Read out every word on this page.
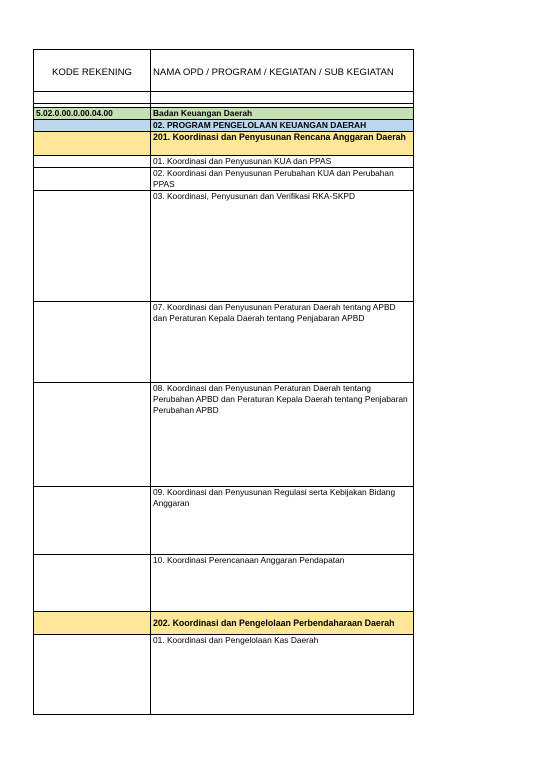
KODE REKENING	NAMA OPD / PROGRAM / KEGIATAN / SUB KEGIATAN

5.02.0.00.0.00.04.00	Badan Keuangan Daerah
	02. PROGRAM PENGELOLAAN KEUANGAN DAERAH
	201. Koordinasi dan Penyusunan Rencana Anggaran Daerah
	01. Koordinasi dan Penyusunan KUA dan PPAS
	02. Koordinasi dan Penyusunan Perubahan KUA dan Perubahan PPAS
	03. Koordinasi, Penyusunan dan Verifikasi RKA-SKPD
	07. Koordinasi dan Penyusunan Peraturan Daerah tentang APBD dan Peraturan Kepala Daerah tentang Penjabaran APBD
	08. Koordinasi dan Penyusunan Peraturan Daerah tentang Perubahan APBD dan Peraturan Kepala Daerah tentang Penjabaran Perubahan APBD
	09. Koordinasi dan Penyusunan Regulasi serta Kebijakan Bidang Anggaran
	10. Koordinasi Perencanaan Anggaran Pendapatan
	202. Koordinasi dan Pengelolaan Perbendaharaan Daerah
	01. Koordinasi dan Pengelolaan Kas Daerah
